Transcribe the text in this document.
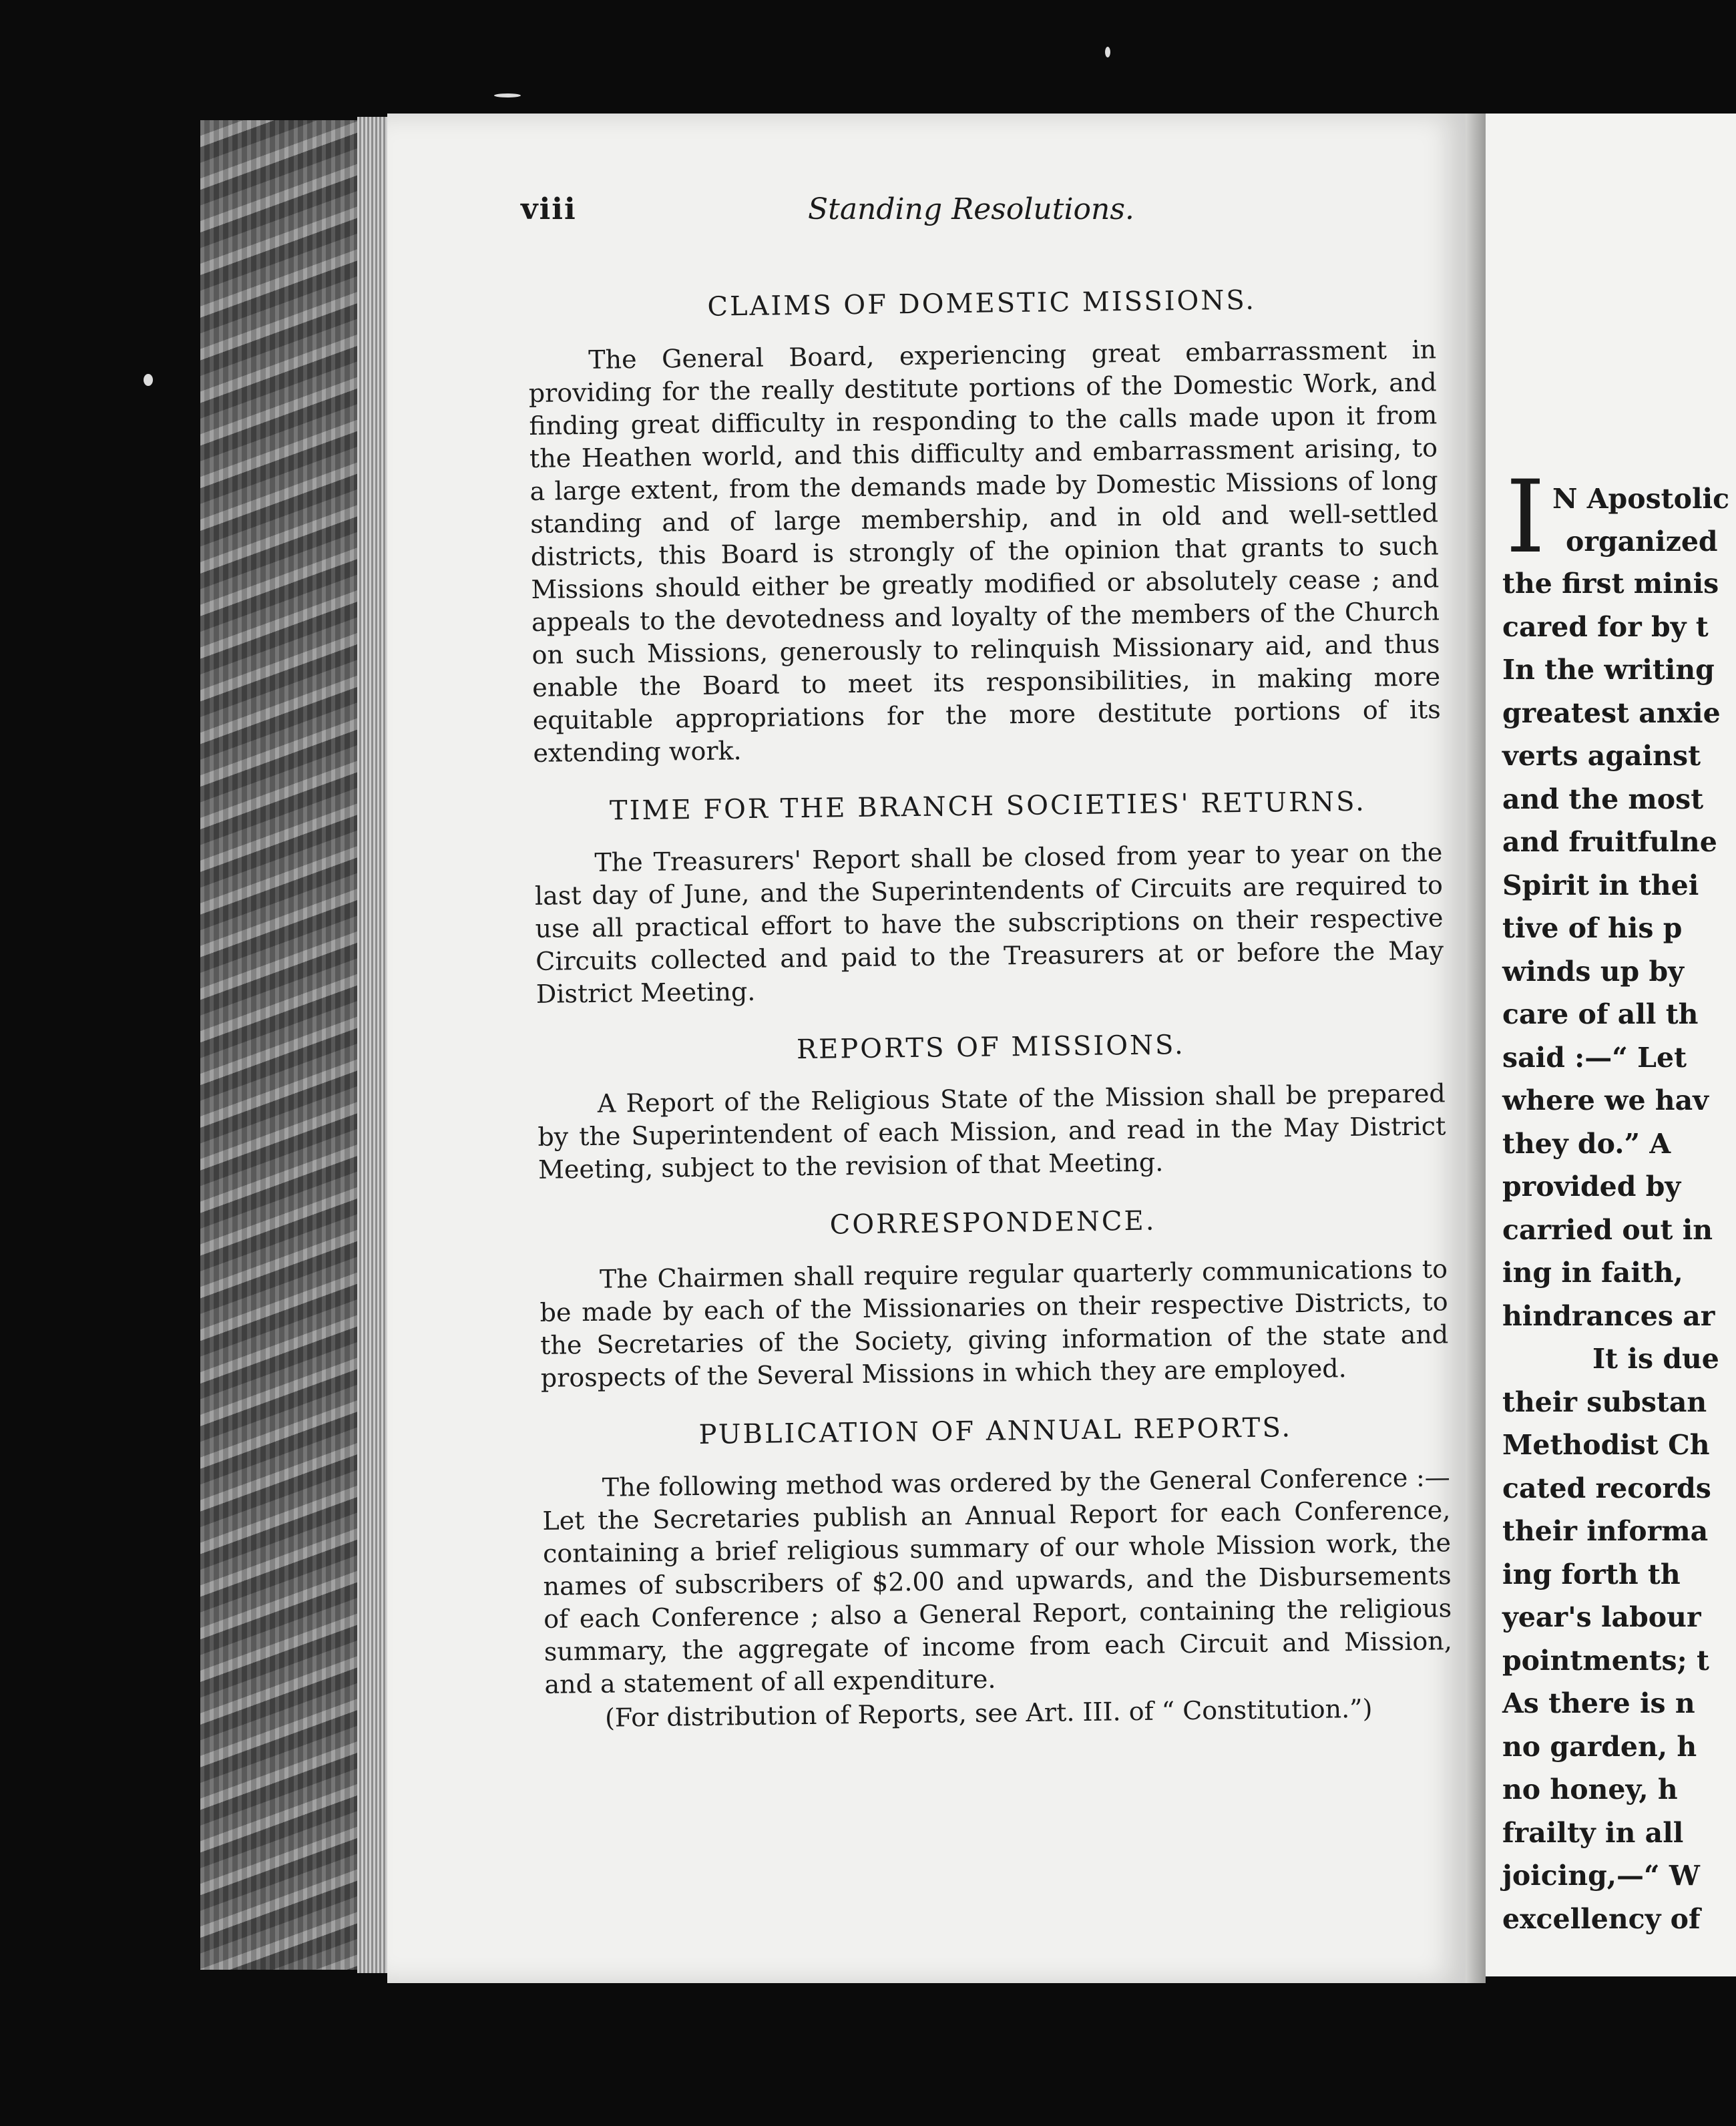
viii	Standing Resolutions.
CLAIMS OF DOMESTIC MISSIONS.

The General Board, experiencing great embarrassment in providing for the really destitute portions of the Domestic Work, and finding great difficulty in responding to the calls made upon it from the Heathen world, and this difficulty and embarrassment arising, to a large extent, from the demands made by Domestic Missions of long standing and of large membership, and in old and well-settled districts, this Board is strongly of the opinion that grants to such Missions should either be greatly modified or absolutely cease ; and appeals to the devotedness and loyalty of the members of the Church on such Missions, generously to relinquish Missionary aid, and thus enable the Board to meet its responsibilities, in making more equitable appropriations for the more destitute portions of its extending work.

TIME FOR THE BRANCH SOCIETIES' RETURNS.

The Treasurers' Report shall be closed from year to year on the last day of June, and the Superintendents of Circuits are required to use all practical effort to have the subscriptions on their respective Circuits collected and paid to the Treasurers at or before the May District Meeting.

REPORTS OF MISSIONS.

A Report of the Religious State of the Mission shall be prepared by the Superintendent of each Mission, and read in the May District Meeting, subject to the revision of that Meeting.

CORRESPONDENCE.

The Chairmen shall require regular quarterly communications to be made by each of the Missionaries on their respective Districts, to the Secretaries of the Society, giving information of the state and prospects of the Several Missions in which they are employed.

PUBLICATION OF ANNUAL REPORTS.

The following method was ordered by the General Conference :— Let the Secretaries publish an Annual Report for each Conference, containing a brief religious summary of our whole Mission work, the names of subscribers of $2.00 and upwards, and the Disbursements of each Conference ; also a General Report, containing the religious summary, the aggregate of income from each Circuit and Mission, and a statement of all expenditure.

(For distribution of Reports, see Art. III. of “ Constitution.”)

I N Apostolic
organized
the first minis
cared for by t
In the writing
greatest anxie
verts against
and the most
and fruitfulne
Spirit in thei
tive of his p
winds up by
care of all th
said :—“ Let
where we hav
they do.” A
provided by
carried out in
ing in faith,
hindrances ar
It is due
their substan
Methodist Ch
cated records
their informa
ing forth th
year's labour
pointments; t
As there is n
no garden, h
no honey, h
frailty in all
joicing,—“ W
excellency of
